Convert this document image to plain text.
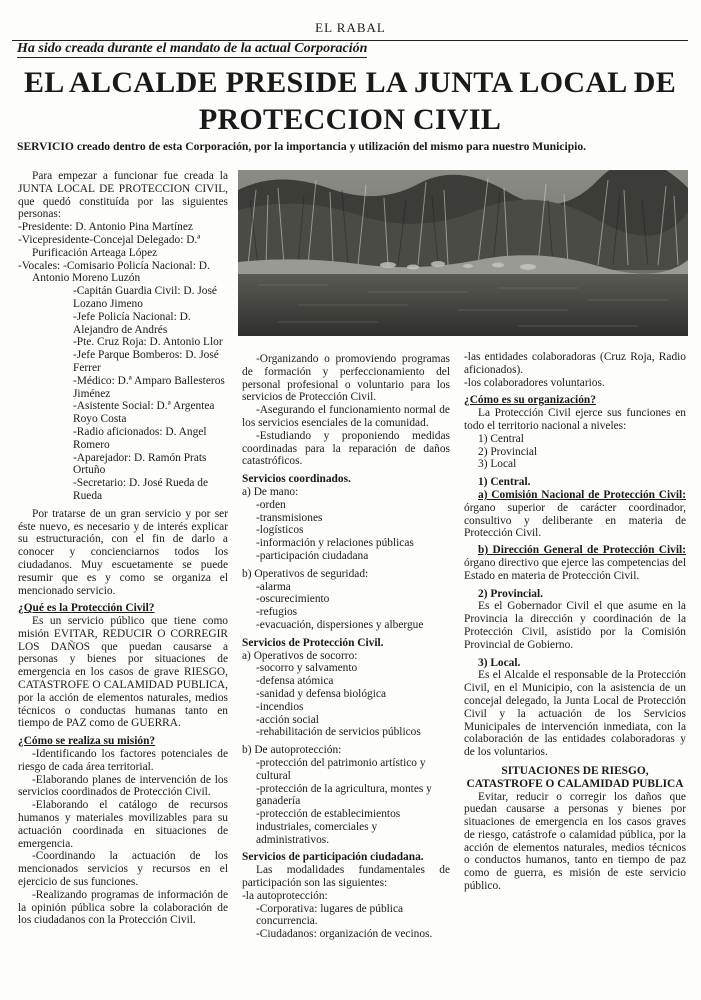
EL RABAL
Ha sido creada durante el mandato de la actual Corporación
EL ALCALDE PRESIDE LA JUNTA LOCAL DE
PROTECCION CIVIL
SERVICIO creado dentro de esta Corporación, por la importancia y utilización del mismo para nuestro Municipio.

Para empezar a funcionar fue creada la JUNTA LOCAL DE PROTECCION CIVIL, que quedó constituída por las siguientes personas:

-Presidente: D. Antonio Pina Martínez

-Vicepresidente-Concejal Delegado: D.ª Purificación Arteaga López

-Vocales: -Comisario Policía Nacional: D. Antonio Moreno Luzón

-Capitán Guardia Civil: D. José Lozano Jimeno

-Jefe Policía Nacional: D. Alejandro de Andrés

-Pte. Cruz Roja: D. Antonio Llor

-Jefe Parque Bomberos: D. José Ferrer

-Médico: D.ª Amparo Ballesteros Jiménez

-Asistente Social: D.ª Argentea Royo Costa

-Radio aficionados: D. Angel Romero

-Aparejador: D. Ramón Prats Ortuño

-Secretario: D. José Rueda de Rueda

Por tratarse de un gran servicio y por ser éste nuevo, es necesario y de interés explicar su estructuración, con el fin de darlo a conocer y concienciarnos todos los ciudadanos. Muy escuetamente se puede resumir que es y como se organiza el mencionado servicio.

¿Qué es la Protección Civil?

Es un servicio público que tiene como misión EVITAR, REDUCIR O CORREGIR LOS DAÑOS que puedan causarse a personas y bienes por situaciones de emergencia en los casos de grave RIESGO, CATASTROFE O CALAMIDAD PUBLICA, por la acción de elementos naturales, medios técnicos o conductas humanas tanto en tiempo de PAZ como de GUERRA.

¿Cómo se realiza su misión?

-Identificando los factores potenciales de riesgo de cada área territorial.

-Elaborando planes de intervención de los servicios coordinados de Protección Civil.

-Elaborando el catálogo de recursos humanos y materiales movilizables para su actuación coordinada en situaciones de emergencia.

-Coordinando la actuación de los mencionados servicios y recursos en el ejercicio de sus funciones.

-Realizando programas de información de la opinión pública sobre la colaboración de los ciudadanos con la Protección Civil.

-Organizando o promoviendo programas de formación y perfeccionamiento del personal profesional o voluntario para los servicios de Protección Civil.

-Asegurando el funcionamiento normal de los servicios esenciales de la comunidad.

-Estudiando y proponiendo medidas coordinadas para la reparación de daños catastróficos.

Servicios coordinados.

a) De mano:

-orden

-transmisiones

-logísticos

-información y relaciones públicas

-participación ciudadana

b) Operativos de seguridad:

-alarma

-oscurecimiento

-refugios

-evacuación, dispersiones y albergue

Servicios de Protección Civil.

a) Operativos de socorro:

-socorro y salvamento

-defensa atómica

-sanidad y defensa biológica

-incendios

-acción social

-rehabilitación de servicios públicos

b) De autoprotección:

-protección del patrimonio artístico y cultural

-protección de la agricultura, montes y ganadería

-protección de establecimientos industriales, comerciales y administrativos.

Servicios de participación ciudadana.

Las modalidades fundamentales de participación son las siguientes:

-la autoprotección:

-Corporativa: lugares de pública concurrencia.

-Ciudadanos: organización de vecinos.

-las entidades colaboradoras (Cruz Roja, Radio aficionados).

-los colaboradores voluntarios.

¿Cómo es su organización?

La Protección Civil ejerce sus funciones en todo el territorio nacional a niveles:

1) Central

2) Provincial

3) Local

1) Central.

a) Comisión Nacional de Protección Civil: órgano superior de carácter coordinador, consultivo y deliberante en materia de Protección Civil.

b) Dirección General de Protección Civil: órgano directivo que ejerce las competencias del Estado en materia de Protección Civil.

2) Provincial.

Es el Gobernador Civil el que asume en la Provincia la dirección y coordinación de la Protección Civil, asistido por la Comisión Provincial de Gobierno.

3) Local.

Es el Alcalde el responsable de la Protección Civil, en el Municipio, con la asistencia de un concejal delegado, la Junta Local de Protección Civil y la actuación de los Servicios Municipales de intervención inmediata, con la colaboración de las entidades colaboradoras y de los voluntarios.

SITUACIONES DE RIESGO, CATASTROFE O CALAMIDAD PUBLICA

Evitar, reducir o corregir los daños que puedan causarse a personas y bienes por situaciones de emergencia en los casos graves de riesgo, catástrofe o calamidad pública, por la acción de elementos naturales, medios técnicos o conductos humanos, tanto en tiempo de paz como de guerra, es misión de este servicio público.
